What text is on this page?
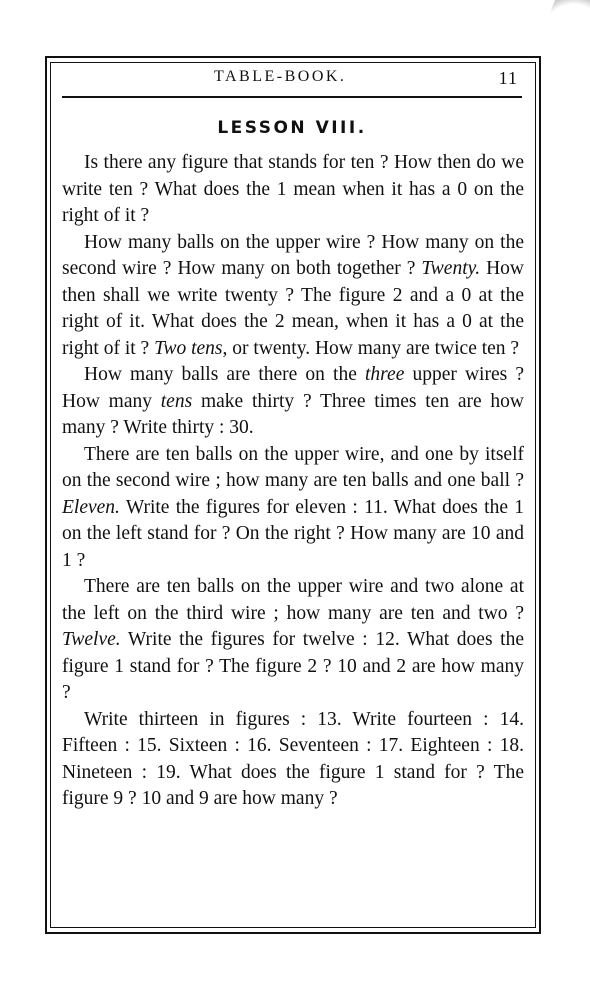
TABLE-BOOK.	11
LESSON VIII.

Is there any figure that stands for ten ? How then do we write ten ? What does the 1 mean when it has a 0 on the right of it ?

How many balls on the upper wire ? How many on the second wire ? How many on both together ? Twenty. How then shall we write twenty ? The figure 2 and a 0 at the right of it. What does the 2 mean, when it has a 0 at the right of it ? Two tens, or twenty. How many are twice ten ?

How many balls are there on the three upper wires ? How many tens make thirty ? Three times ten are how many ? Write thirty : 30.

There are ten balls on the upper wire, and one by itself on the second wire ; how many are ten balls and one ball ? Eleven. Write the figures for eleven : 11. What does the 1 on the left stand for ? On the right ? How many are 10 and 1 ?

There are ten balls on the upper wire and two alone at the left on the third wire ; how many are ten and two ? Twelve. Write the figures for twelve : 12. What does the figure 1 stand for ? The figure 2 ? 10 and 2 are how many ?

Write thirteen in figures : 13. Write fourteen : 14. Fifteen : 15. Sixteen : 16. Seventeen : 17. Eighteen : 18. Nineteen : 19. What does the figure 1 stand for ? The figure 9 ? 10 and 9 are how many ?
